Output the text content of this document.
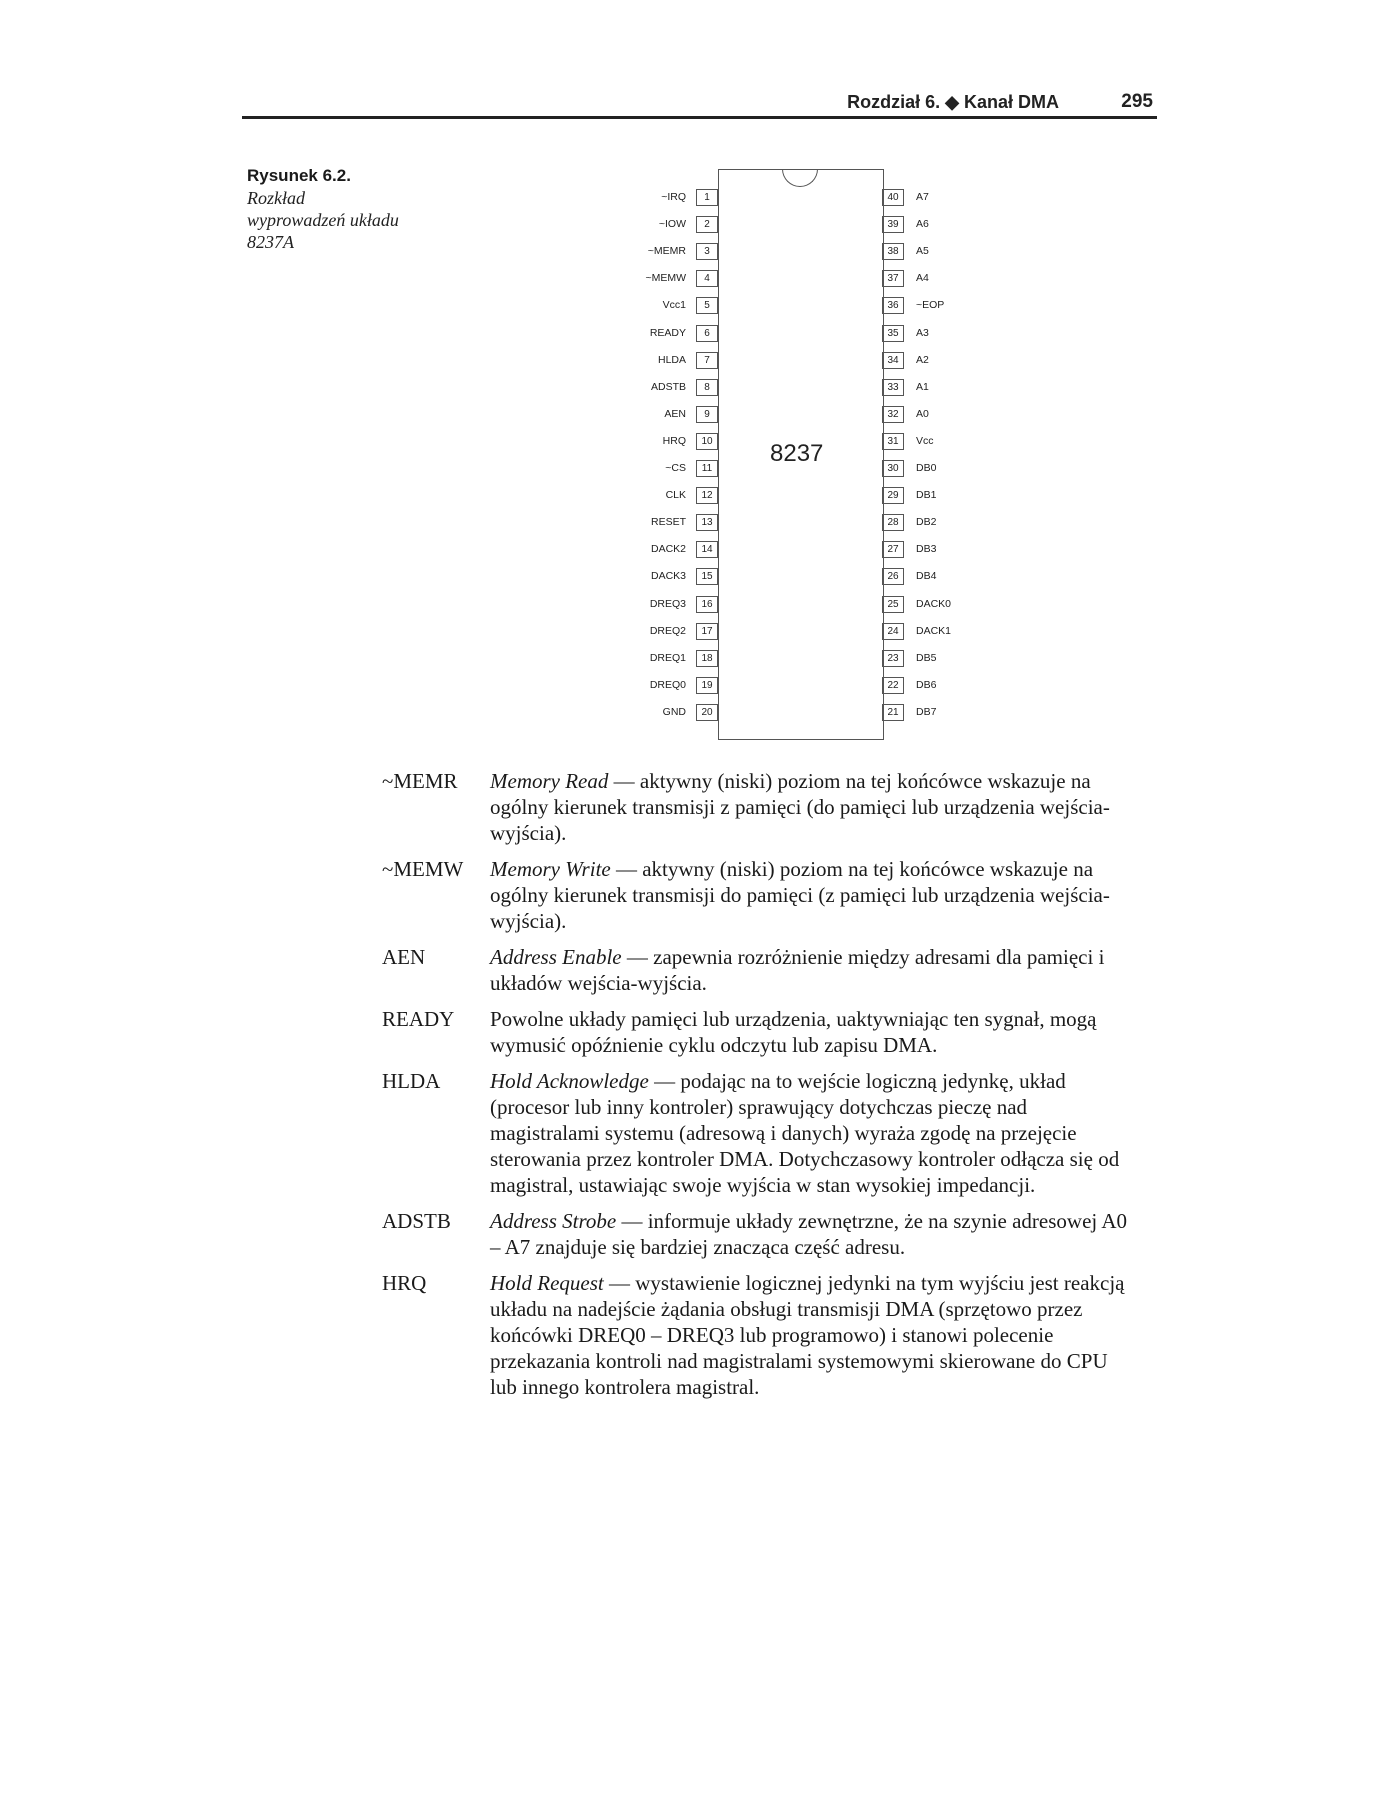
Rozdział 6. ◆ Kanał DMA	295
Rysunek 6.2.
Rozkład wyprowadzeń układu 8237A
8237
1
~IRQ
2
~IOW
3
~MEMR
4
~MEMW
5
Vcc1
6
READY
7
HLDA
8
ADSTB
9
AEN
10
HRQ
11
~CS
12
CLK
13
RESET
14
DACK2
15
DACK3
16
DREQ3
17
DREQ2
18
DREQ1
19
DREQ0
20
GND
40	A7
39	A6
38	A5
37	A4
36	~EOP
35	A3
34	A2
33	A1
32	A0
31	Vcc
30	DB0
29	DB1
28	DB2
27	DB3
26	DB4
25	DACK0
24	DACK1
23	DB5
22	DB6
21	DB7
~MEMR	Memory Read — aktywny (niski) poziom na tej końcówce wskazuje na ogólny kierunek transmisji z pamięci (do pamięci lub urządzenia wejścia-wyjścia).
~MEMW	Memory Write — aktywny (niski) poziom na tej końcówce wskazuje na ogólny kierunek transmisji do pamięci (z pamięci lub urządzenia wejścia-wyjścia).
AEN	Address Enable — zapewnia rozróżnienie między adresami dla pamięci i układów wejścia-wyjścia.
READY	Powolne układy pamięci lub urządzenia, uaktywniając ten sygnał, mogą wymusić opóźnienie cyklu odczytu lub zapisu DMA.
HLDA	Hold Acknowledge — podając na to wejście logiczną jedynkę, układ (procesor lub inny kontroler) sprawujący dotychczas pieczę nad magistralami systemu (adresową i danych) wyraża zgodę na przejęcie sterowania przez kontroler DMA. Dotychczasowy kontroler odłącza się od magistral, ustawiając swoje wyjścia w stan wysokiej impedancji.
ADSTB	Address Strobe — informuje układy zewnętrzne, że na szynie adresowej A0 – A7 znajduje się bardziej znacząca część adresu.
HRQ	Hold Request — wystawienie logicznej jedynki na tym wyjściu jest reakcją układu na nadejście żądania obsługi transmisji DMA (sprzętowo przez końcówki DREQ0 – DREQ3 lub programowo) i stanowi polecenie przekazania kontroli nad magistralami systemowymi skierowane do CPU lub innego kontrolera magistral.
